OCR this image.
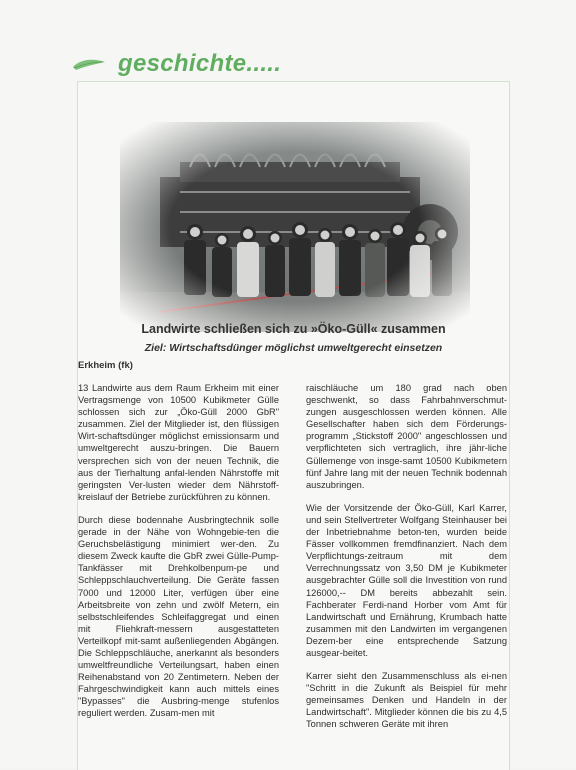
geschichte.....
Landwirte schließen sich zu »Öko-Güll« zusammen
Ziel: Wirtschaftsdünger möglichst umweltgerecht einsetzen
Erkheim (fk)

13 Landwirte aus dem Raum Erkheim mit einer Vertragsmenge von 10500 Kubikmeter Gülle schlossen sich zur „Öko-Güll 2000 GbR" zusammen. Ziel der Mitglieder ist, den flüssigen Wirt-schaftsdünger möglichst emissionsarm und umweltgerecht auszu-bringen. Die Bauern versprechen sich von der neuen Technik, die aus der Tierhaltung anfal-lenden Nährstoffe mit geringsten Ver-lusten wieder dem Nährstoff-kreislauf der Betriebe zurückführen zu können.

Durch diese bodennahe Ausbringtechnik solle gerade in der Nähe von Wohngebie-ten die Geruchsbelästigung minimiert wer-den. Zu diesem Zweck kaufte die GbR zwei Gülle-Pump-Tankfässer mit Drehkolbenpum-pe und Schleppschlauchverteilung. Die Geräte fassen 7000 und 12000 Liter, verfügen über eine Arbeitsbreite von zehn und zwölf Metern, ein selbstschleifendes Schleifaggregat und einen mit Fliehkraft-messern ausgestatteten Verteilkopf mit-samt außenliegenden Abgängen. Die Schleppschläuche, anerkannt als besonders umweltfreundliche Verteilungsart, haben einen Reihenabstand von 20 Zentimetern. Neben der Fahrgeschwindigkeit kann auch mittels eines "Bypasses" die Ausbring-menge stufenlos reguliert werden. Zusam-men mit

raischläuche um 180 grad nach oben geschwenkt, so dass Fahrbahnverschmut-zungen ausgeschlossen werden können. Alle Gesellschafter haben sich dem Förderungs-programm „Stickstoff 2000" angeschlossen und verpflichteten sich vertraglich, ihre jähr-liche Güllemenge von insge-samt 10500 Kubikmetern fünf Jahre lang mit der neuen Technik bodennah auszubringen.

Wie der Vorsitzende der Öko-Güll, Karl Karrer, und sein Stellvertreter Wolfgang Steinhauser bei der Inbetriebnahme beton-ten, wurden beide Fässer vollkommen fremdfinanziert. Nach dem Verpflichtungs-zeitraum mit dem Verrechnungssatz von 3,50 DM je Kubikmeter ausgebrachter Gülle soll die Investition von rund 126000,-- DM bereits abbezahlt sein. Fachberater Ferdi-nand Horber vom Amt für Landwirtschaft und Ernährung, Krumbach hatte zusammen mit den Landwirten im vergangenen Dezem-ber eine entsprechende Satzung ausgear-beitet.

Karrer sieht den Zusammenschluss als ei-nen "Schritt in die Zukunft als Beispiel für mehr gemeinsames Denken und Handeln in der Landwirtschaft". Mitglieder können die bis zu 4,5 Tonnen schweren Geräte mit ihren
